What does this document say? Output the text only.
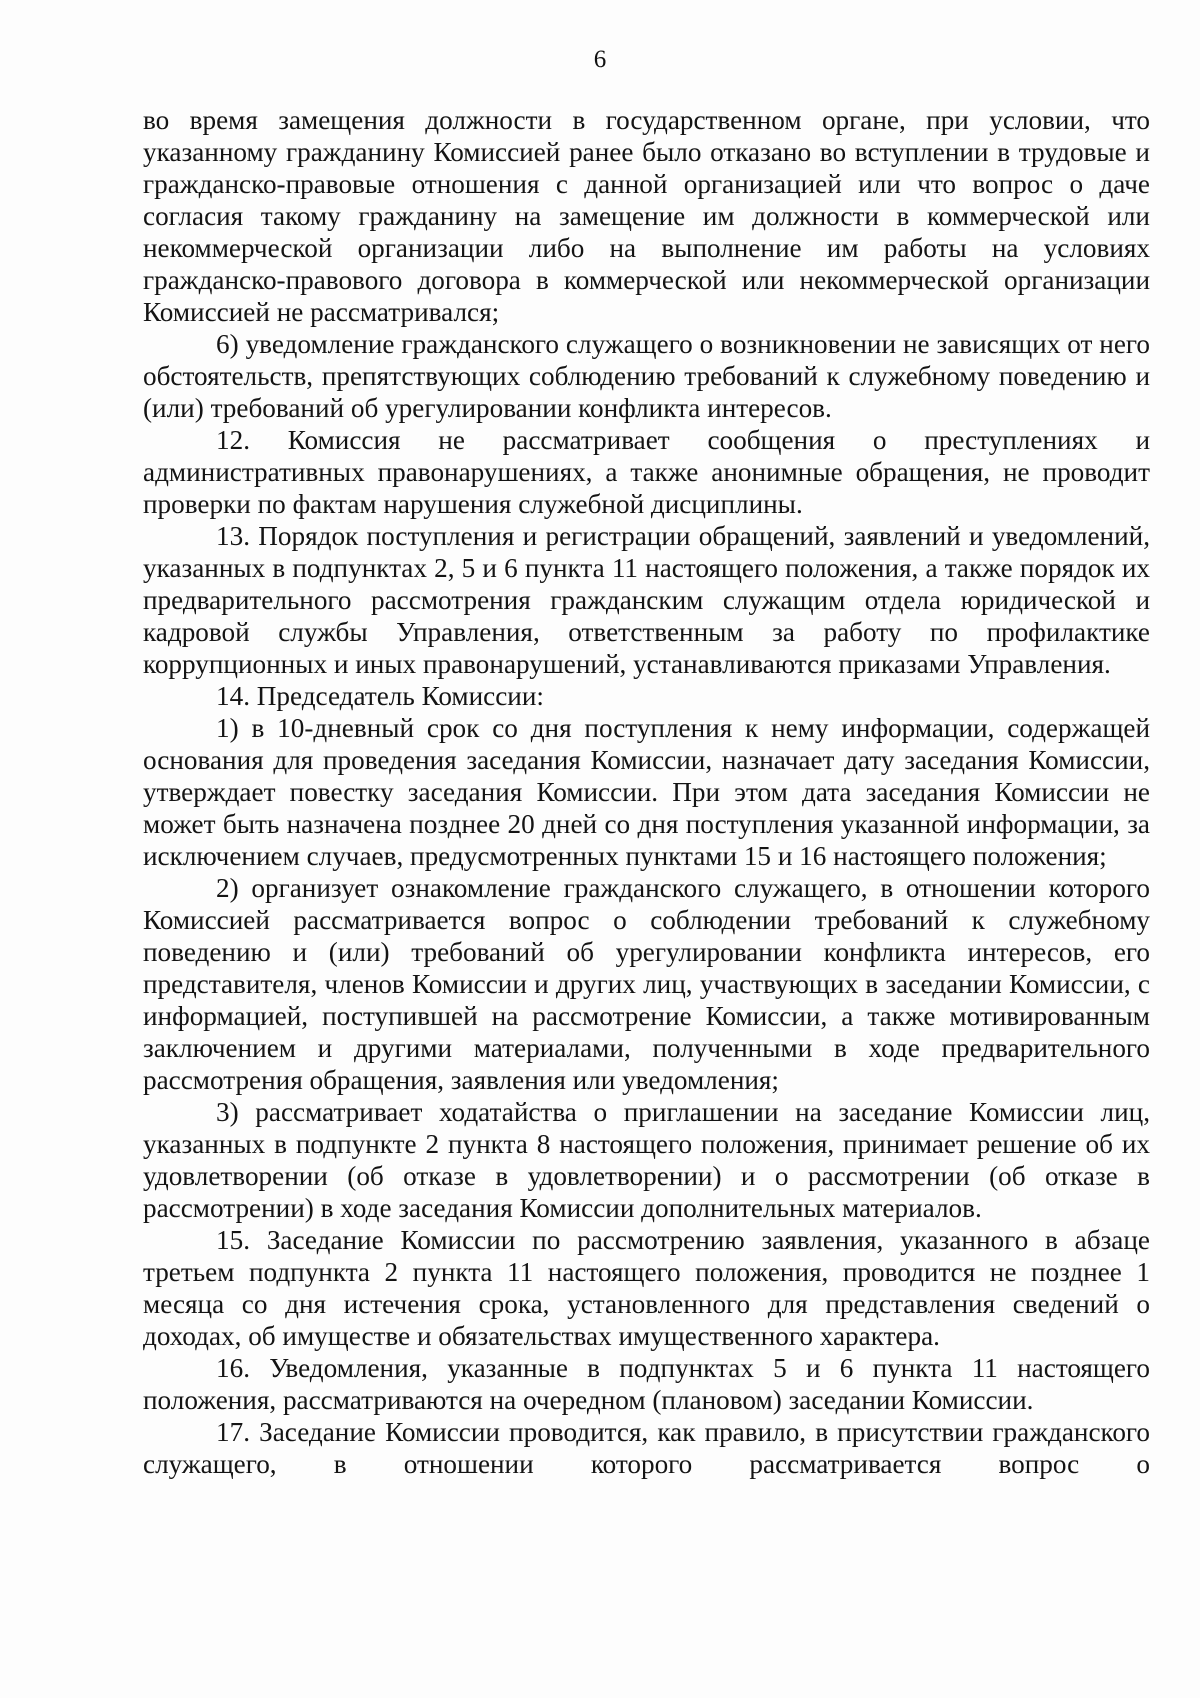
6

во время замещения должности в государственном органе, при условии, что указанному гражданину Комиссией ранее было отказано во вступлении в трудовые и гражданско-правовые отношения с данной организацией или что вопрос о даче согласия такому гражданину на замещение им должности в коммерческой или некоммерческой организации либо на выполнение им работы на условиях гражданско-правового договора в коммерческой или некоммерческой организации Комиссией не рассматривался;

6) уведомление гражданского служащего о возникновении не зависящих от него обстоятельств, препятствующих соблюдению требований к служебному поведению и (или) требований об урегулировании конфликта интересов.

12. Комиссия не рассматривает сообщения о преступлениях и административных правонарушениях, а также анонимные обращения, не проводит проверки по фактам нарушения служебной дисциплины.

13. Порядок поступления и регистрации обращений, заявлений и уведомлений, указанных в подпунктах 2, 5 и 6 пункта 11 настоящего положения, а также порядок их предварительного рассмотрения гражданским служащим отдела юридической и кадровой службы Управления, ответственным за работу по профилактике коррупционных и иных правонарушений, устанавливаются приказами Управления.

14. Председатель Комиссии:

1) в 10-дневный срок со дня поступления к нему информации, содержащей основания для проведения заседания Комиссии, назначает дату заседания Комиссии, утверждает повестку заседания Комиссии. При этом дата заседания Комиссии не может быть назначена позднее 20 дней со дня поступления указанной информации, за исключением случаев, предусмотренных пунктами 15 и 16 настоящего положения;

2) организует ознакомление гражданского служащего, в отношении которого Комиссией рассматривается вопрос о соблюдении требований к служебному поведению и (или) требований об урегулировании конфликта интересов, его представителя, членов Комиссии и других лиц, участвующих в заседании Комиссии, с информацией, поступившей на рассмотрение Комиссии, а также мотивированным заключением и другими материалами, полученными в ходе предварительного рассмотрения обращения, заявления или уведомления;

3) рассматривает ходатайства о приглашении на заседание Комиссии лиц, указанных в подпункте 2 пункта 8 настоящего положения, принимает решение об их удовлетворении (об отказе в удовлетворении) и о рассмотрении (об отказе в рассмотрении) в ходе заседания Комиссии дополнительных материалов.

15. Заседание Комиссии по рассмотрению заявления, указанного в абзаце третьем подпункта 2 пункта 11 настоящего положения, проводится не позднее 1 месяца со дня истечения срока, установленного для представления сведений о доходах, об имуществе и обязательствах имущественного характера.

16. Уведомления, указанные в подпунктах 5 и 6 пункта 11 настоящего положения, рассматриваются на очередном (плановом) заседании Комиссии.

17. Заседание Комиссии проводится, как правило, в присутствии гражданского служащего, в отношении которого рассматривается вопрос о
